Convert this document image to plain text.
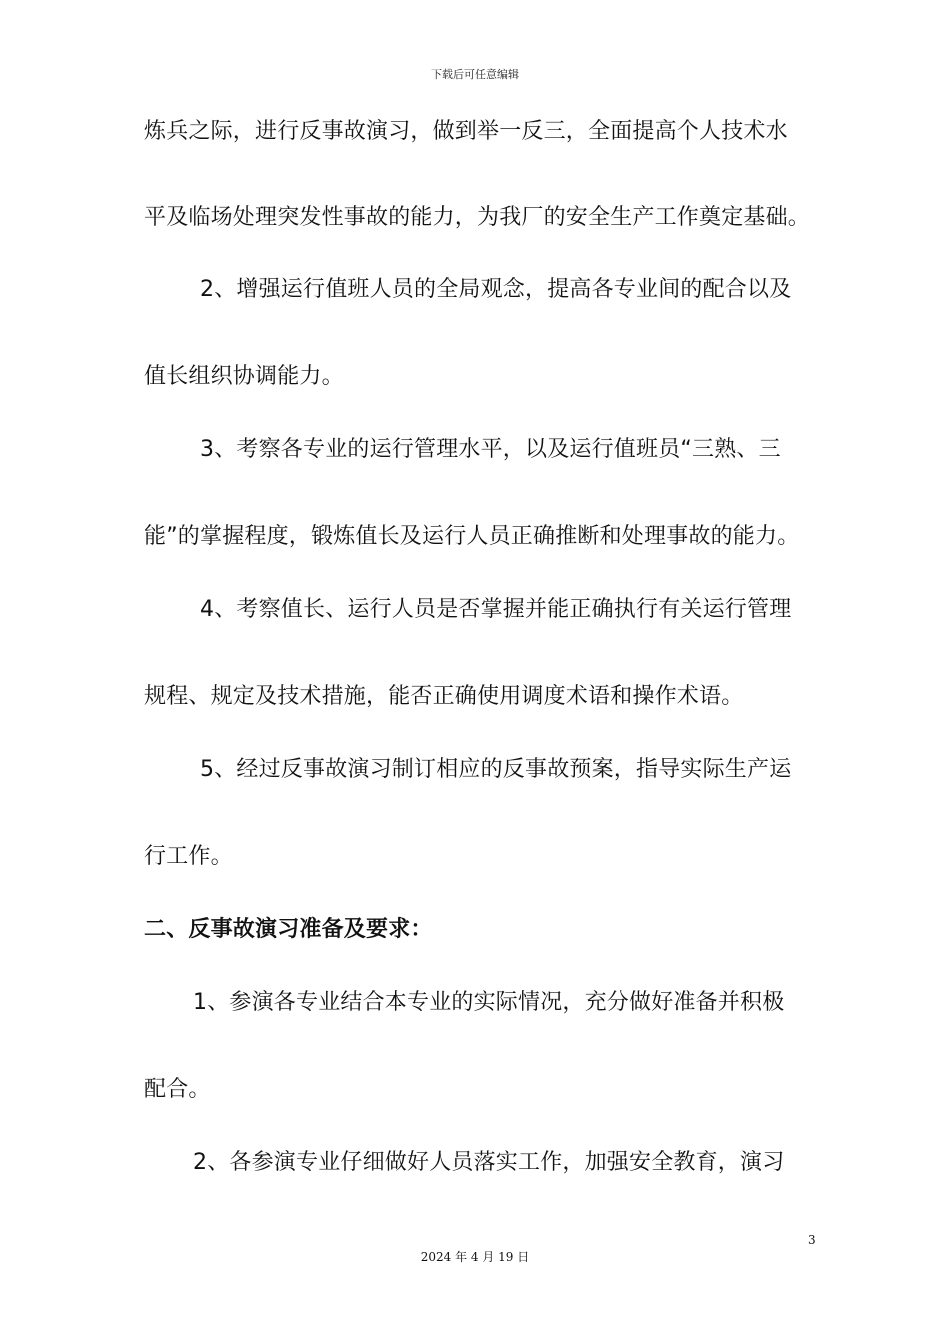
下载后可任意编辑
炼兵之际，进行反事故演习，做到举一反三，全面提高个人技术水
平及临场处理突发性事故的能力，为我厂的安全生产工作奠定基础。
2、增强运行值班人员的全局观念，提高各专业间的配合以及
值长组织协调能力。
3、考察各专业的运行管理水平，以及运行值班员“三熟、三
能”的掌握程度，锻炼值长及运行人员正确推断和处理事故的能力。
4、考察值长、运行人员是否掌握并能正确执行有关运行管理
规程、规定及技术措施，能否正确使用调度术语和操作术语。
5、经过反事故演习制订相应的反事故预案，指导实际生产运
行工作。
二、反事故演习准备及要求：
1、参演各专业结合本专业的实际情况，充分做好准备并积极
配合。
2、各参演专业仔细做好人员落实工作，加强安全教育，演习
3
2024 年 4 月 19 日
